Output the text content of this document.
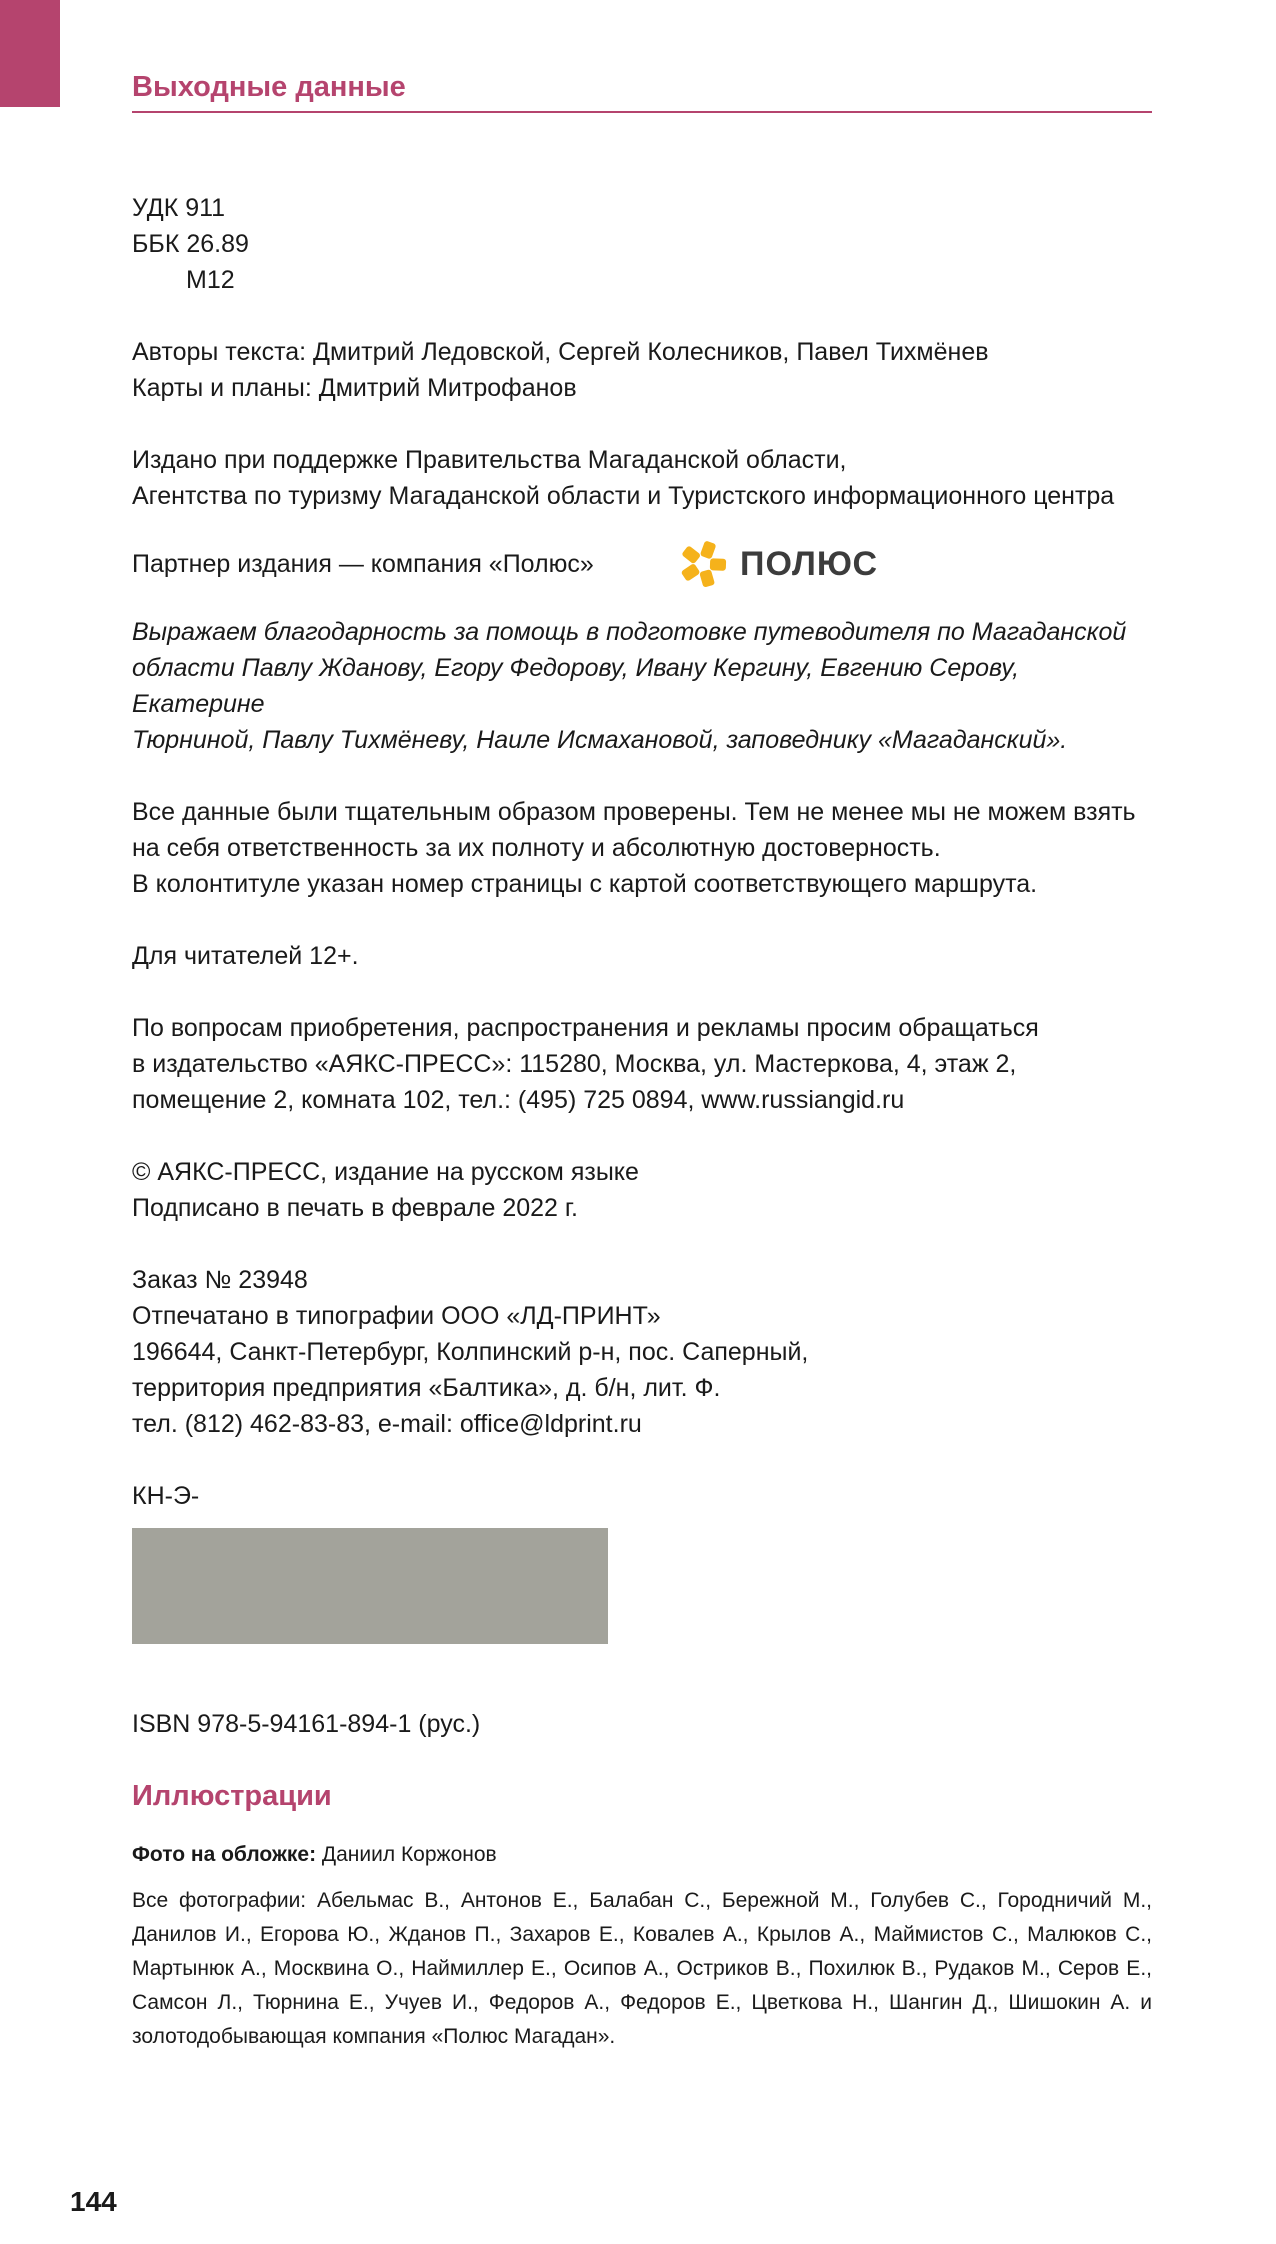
Выходные данные
УДК 911
ББК 26.89
М12
Авторы текста: Дмитрий Ледовской, Сергей Колесников, Павел Тихмёнев
Карты и планы: Дмитрий Митрофанов
Издано при поддержке Правительства Магаданской области,
Агентства по туризму Магаданской области и Туристского информационного центра
Партнер издания — компания «Полюс»	ПОЛЮС
Выражаем благодарность за помощь в подготовке путеводителя по Магаданской
области Павлу Жданову, Егору Федорову, Ивану Кергину, Евгению Серову, Екатерине
Тюрниной, Павлу Тихмёневу, Наиле Исмахановой, заповеднику «Магаданский».
Все данные были тщательным образом проверены. Тем не менее мы не можем взять
на себя ответственность за их полноту и абсолютную достоверность.
В колонтитуле указан номер страницы с картой соответствующего маршрута.
Для читателей 12+.
По вопросам приобретения, распространения и рекламы просим обращаться
в издательство «АЯКС-ПРЕСС»: 115280, Москва, ул. Мастеркова, 4, этаж 2,
помещение 2, комната 102, тел.: (495) 725 0894, www.russiangid.ru
© АЯКС-ПРЕСС, издание на русском языке
Подписано в печать в феврале 2022 г.
Заказ № 23948
Отпечатано в типографии ООО «ЛД-ПРИНТ»
196644, Санкт-Петербург, Колпинский р-н, пос. Саперный,
территория предприятия «Балтика», д. б/н, лит. Ф.
тел. (812) 462-83-83, e-mail: office@ldprint.ru
КН-Э-
ISBN 978-5-94161-894-1 (рус.)
Иллюстрации
Фото на обложке: Даниил Коржонов
Все фотографии: Абельмас В., Антонов Е., Балабан С., Бережной М., Голубев С., Городничий М., Данилов И., Егорова Ю., Жданов П., Захаров Е., Ковалев А., Крылов А., Маймистов С., Малюков С., Мартынюк А., Москвина О., Наймиллер Е., Осипов А., Остриков В., Похилюк В., Рудаков М., Серов Е., Самсон Л., Тюрнина Е., Учуев И., Федоров А., Федоров Е., Цветкова Н., Шангин Д., Шишокин А. и золотодобывающая компания «Полюс Магадан».
144
